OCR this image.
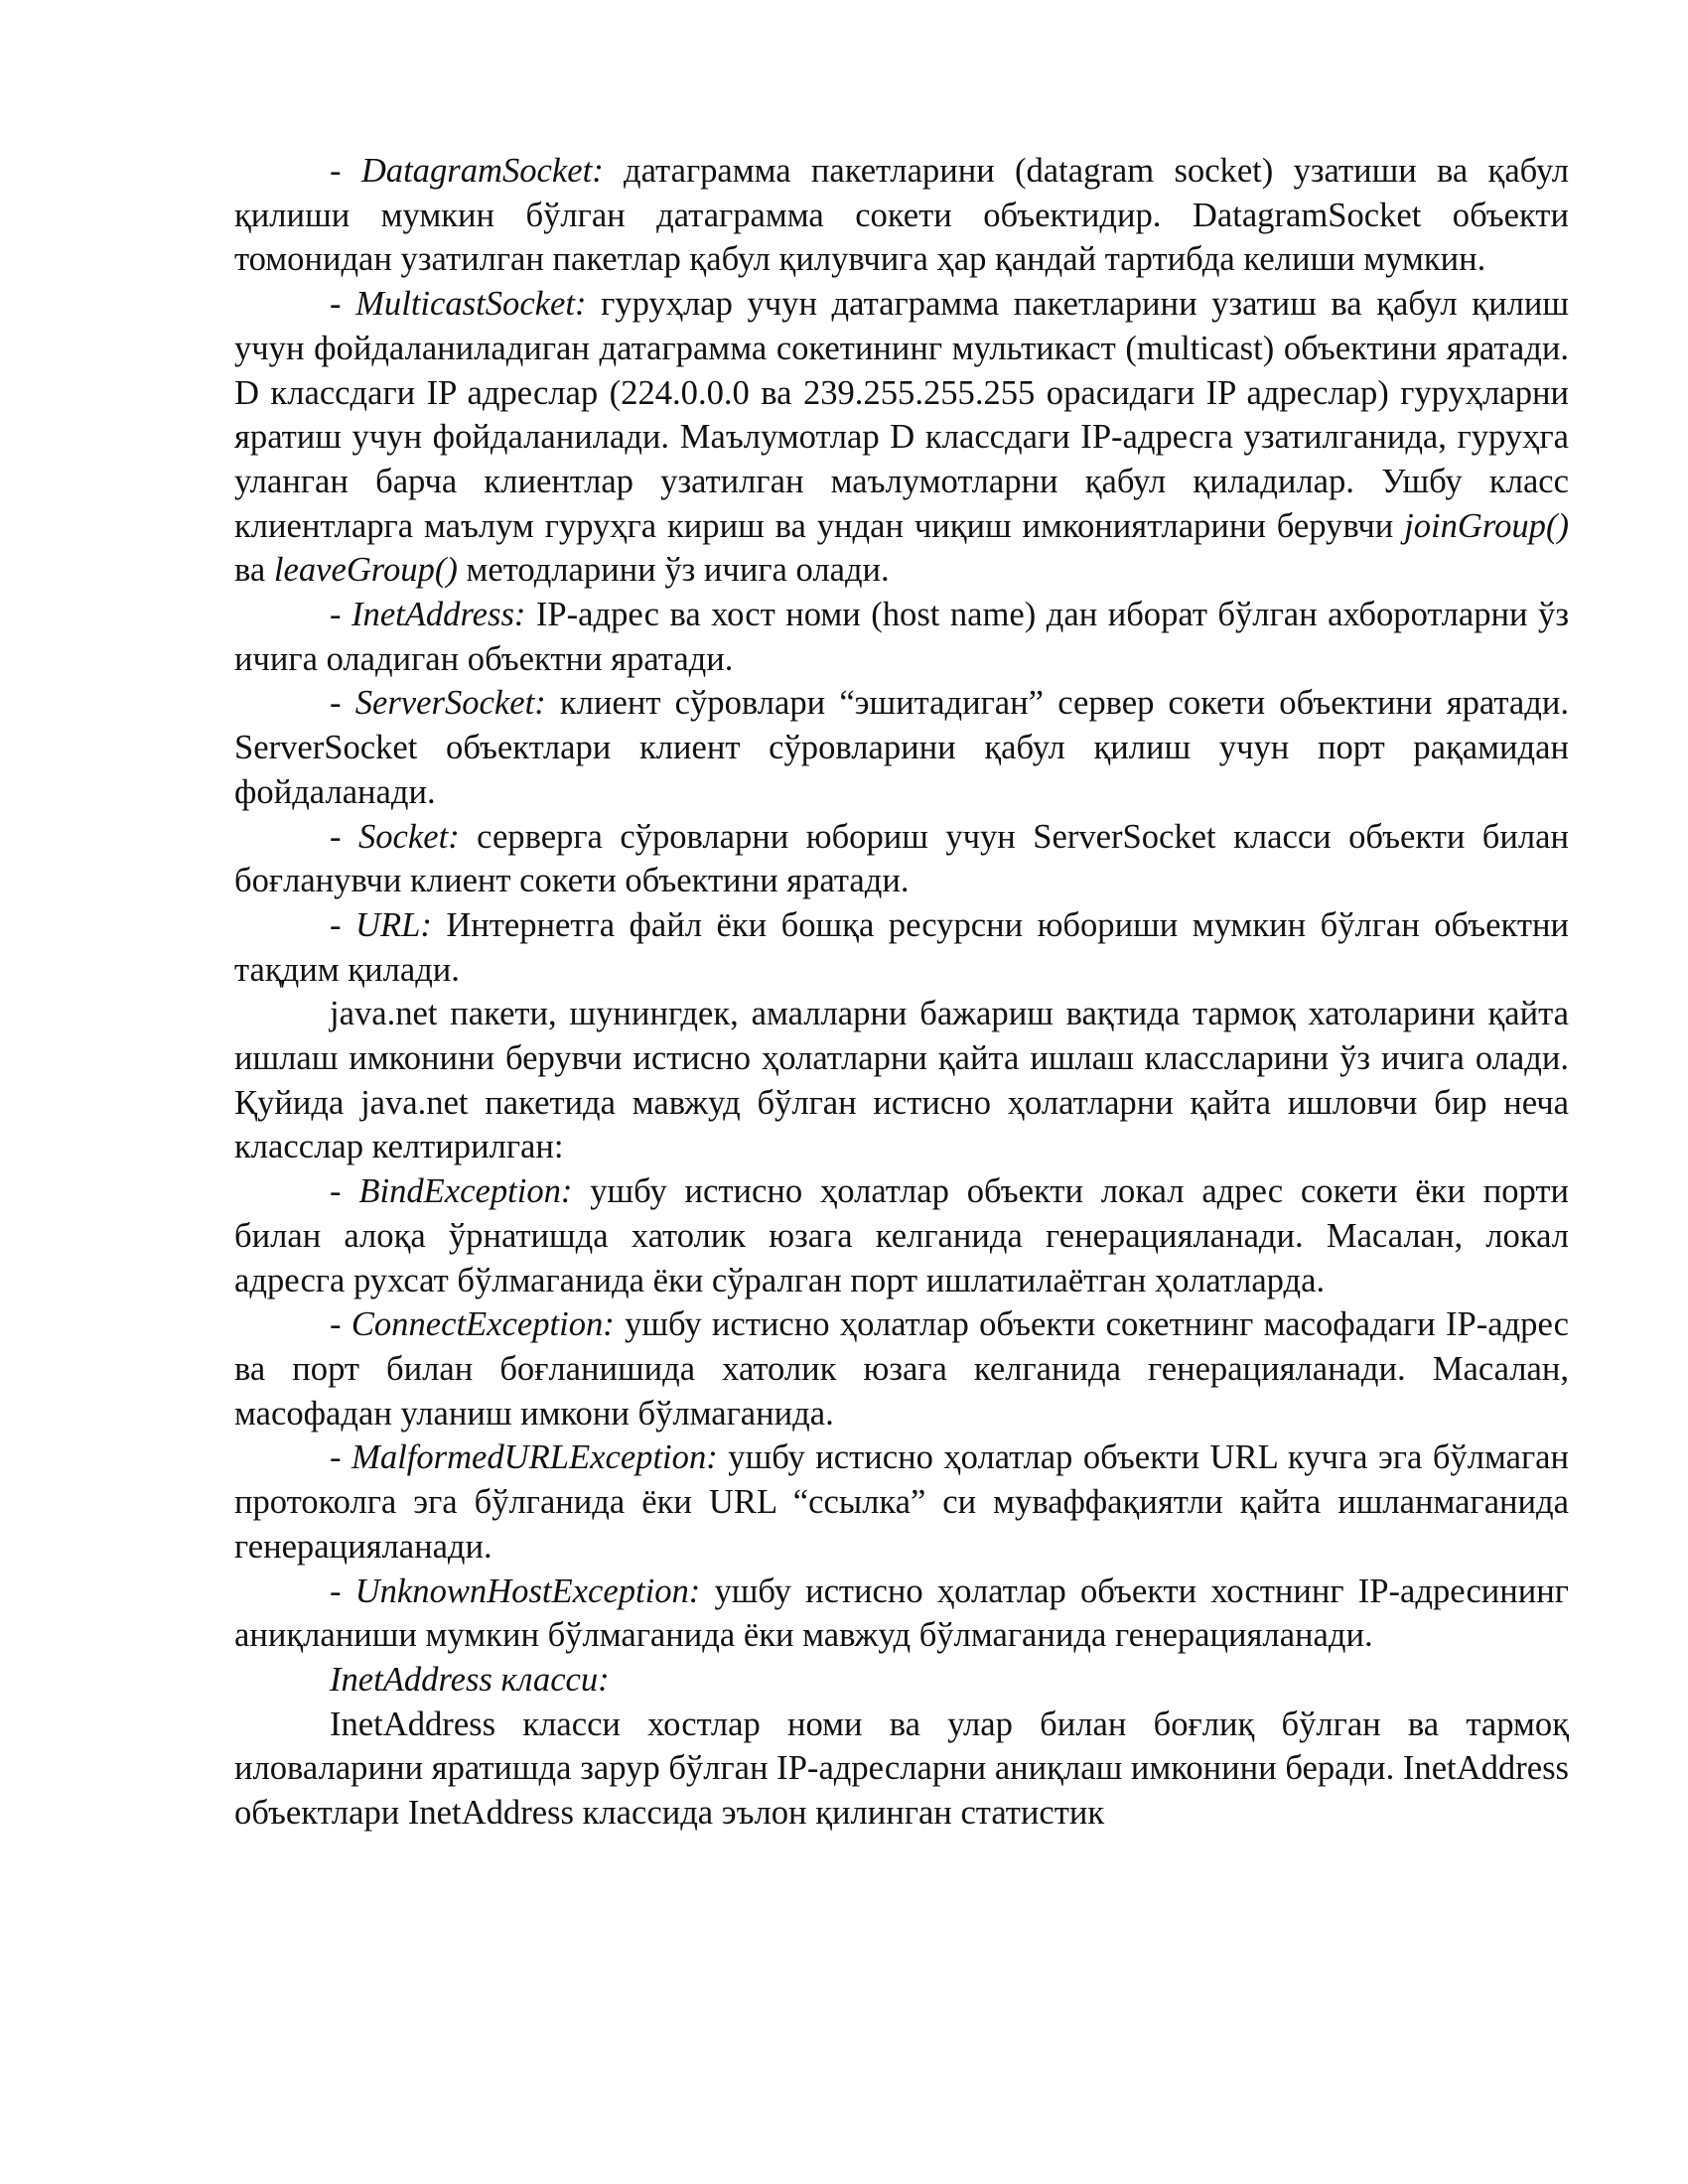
- DatagramSocket: датаграмма пакетларини (datagram socket) узатиши ва қабул қилиши мумкин бўлган датаграмма сокети объектидир. DatagramSocket объекти томонидан узатилган пакетлар қабул қилувчига ҳар қандай тартибда келиши мумкин.

- MulticastSocket: гуруҳлар учун датаграмма пакетларини узатиш ва қабул қилиш учун фойдаланиладиган датаграмма сокетининг мультикаст (multicast) объектини яратади. D классдаги IP адреслар (224.0.0.0 ва 239.255.255.255 орасидаги IP адреслар) гуруҳларни яратиш учун фойдаланилади. Маълумотлар D классдаги IP-адресга узатилганида, гуруҳга уланган барча клиентлар узатилган маълумотларни қабул қиладилар. Ушбу класс клиентларга маълум гуруҳга кириш ва ундан чиқиш имкониятларини берувчи joinGroup() ва leaveGroup() методларини ўз ичига олади.

- InetAddress: IP-адрес ва хост номи (host name) дан иборат бўлган ахборотларни ўз ичига оладиган объектни яратади.

- ServerSocket: клиент сўровлари “эшитадиган” сервер сокети объектини яратади. ServerSocket объектлари клиент сўровларини қабул қилиш учун порт рақамидан фойдаланади.

- Socket: серверга сўровларни юбориш учун ServerSocket класси объекти билан боғланувчи клиент сокети объектини яратади.

- URL: Интернетга файл ёки бошқа ресурсни юбориши мумкин бўлган объектни тақдим қилади.

java.net пакети, шунингдек, амалларни бажариш вақтида тармоқ хатоларини қайта ишлаш имконини берувчи истисно ҳолатларни қайта ишлаш классларини ўз ичига олади. Қуйида java.net пакетида мавжуд бўлган истисно ҳолатларни қайта ишловчи бир неча класслар келтирилган:

- BindException: ушбу истисно ҳолатлар объекти локал адрес сокети ёки порти билан алоқа ўрнатишда хатолик юзага келганида генерацияланади. Масалан, локал адресга рухсат бўлмаганида ёки сўралган порт ишлатилаётган ҳолатларда.

- ConnectException: ушбу истисно ҳолатлар объекти сокетнинг масофадаги IP-адрес ва порт билан боғланишида хатолик юзага келганида генерацияланади. Масалан, масофадан уланиш имкони бўлмаганида.

- MalformedURLException: ушбу истисно ҳолатлар объекти URL кучга эга бўлмаган протоколга эга бўлганида ёки URL “ссылка” си муваффақиятли қайта ишланмаганида генерацияланади.

- UnknownHostException: ушбу истисно ҳолатлар объекти хостнинг IP-адресининг аниқланиши мумкин бўлмаганида ёки мавжуд бўлмаганида генерацияланади.

InetAddress класси:

InetAddress класси хостлар номи ва улар билан боғлиқ бўлган ва тармоқ иловаларини яратишда зарур бўлган IP-адресларни аниқлаш имконини беради. InetAddress объектлари InetAddress классида эълон қилинган статистик
